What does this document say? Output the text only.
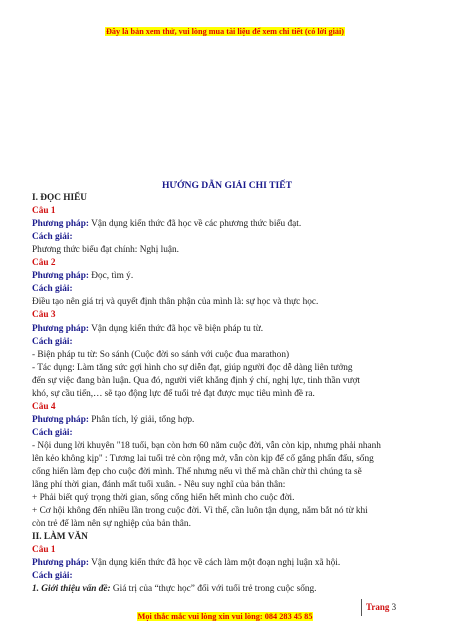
Đây là bản xem thử, vui lòng mua tài liệu để xem chi tiết (có lời giải)
HƯỚNG DẪN GIẢI CHI TIẾT
I. ĐỌC HIỂU
Câu 1
Phương pháp: Vận dụng kiến thức đã học về các phương thức biểu đạt.
Cách giải:
Phương thức biểu đạt chính: Nghị luận.
Câu 2
Phương pháp: Đọc, tìm ý.
Cách giải:
Điều tạo nên giá trị và quyết định thân phận của mình là: sự học và thực học.
Câu 3
Phương pháp: Vận dụng kiến thức đã học về biện pháp tu từ.
Cách giải:
- Biện pháp tu từ: So sánh (Cuộc đời so sánh với cuộc đua marathon)
- Tác dụng: Làm tăng sức gợi hình cho sự diễn đạt, giúp người đọc dễ dàng liên tưởng
đến sự việc đang bàn luận. Qua đó, người viết khẳng định ý chí, nghị lực, tinh thần vượt
khó, sự cầu tiến,… sẽ tạo động lực để tuổi trẻ đạt được mục tiêu mình đề ra.
Câu 4
Phương pháp: Phân tích, lý giải, tổng hợp.
Cách giải:
- Nội dung lời khuyên "18 tuổi, bạn còn hơn 60 năm cuộc đời, vẫn còn kịp, nhưng phải nhanh
lên kẻo không kịp" : Tương lai tuổi trẻ còn rộng mở, vẫn còn kịp để cố gắng phấn đấu, sống
cống hiến làm đẹp cho cuộc đời mình. Thế nhưng nếu vì thế mà chần chừ thì chúng ta sẽ
lãng phí thời gian, đánh mất tuổi xuân. - Nêu suy nghĩ của bản thân:
+ Phải biết quý trọng thời gian, sống cống hiến hết mình cho cuộc đời.
+ Cơ hội không đến nhiều lần trong cuộc đời. Vì thế, cần luôn tận dụng, nắm bắt nó từ khi
còn trẻ để làm nên sự nghiệp của bản thân.
II. LÀM VĂN
Câu 1
Phương pháp: Vận dụng kiến thức đã học về cách làm một đoạn nghị luận xã hội.
Cách giải:
1. Giới thiệu vấn đề: Giá trị của “thực học” đối với tuổi trẻ trong cuộc sống.
Trang 3
Mọi thắc mắc vui lòng xin vui lòng: 084 283 45 85
